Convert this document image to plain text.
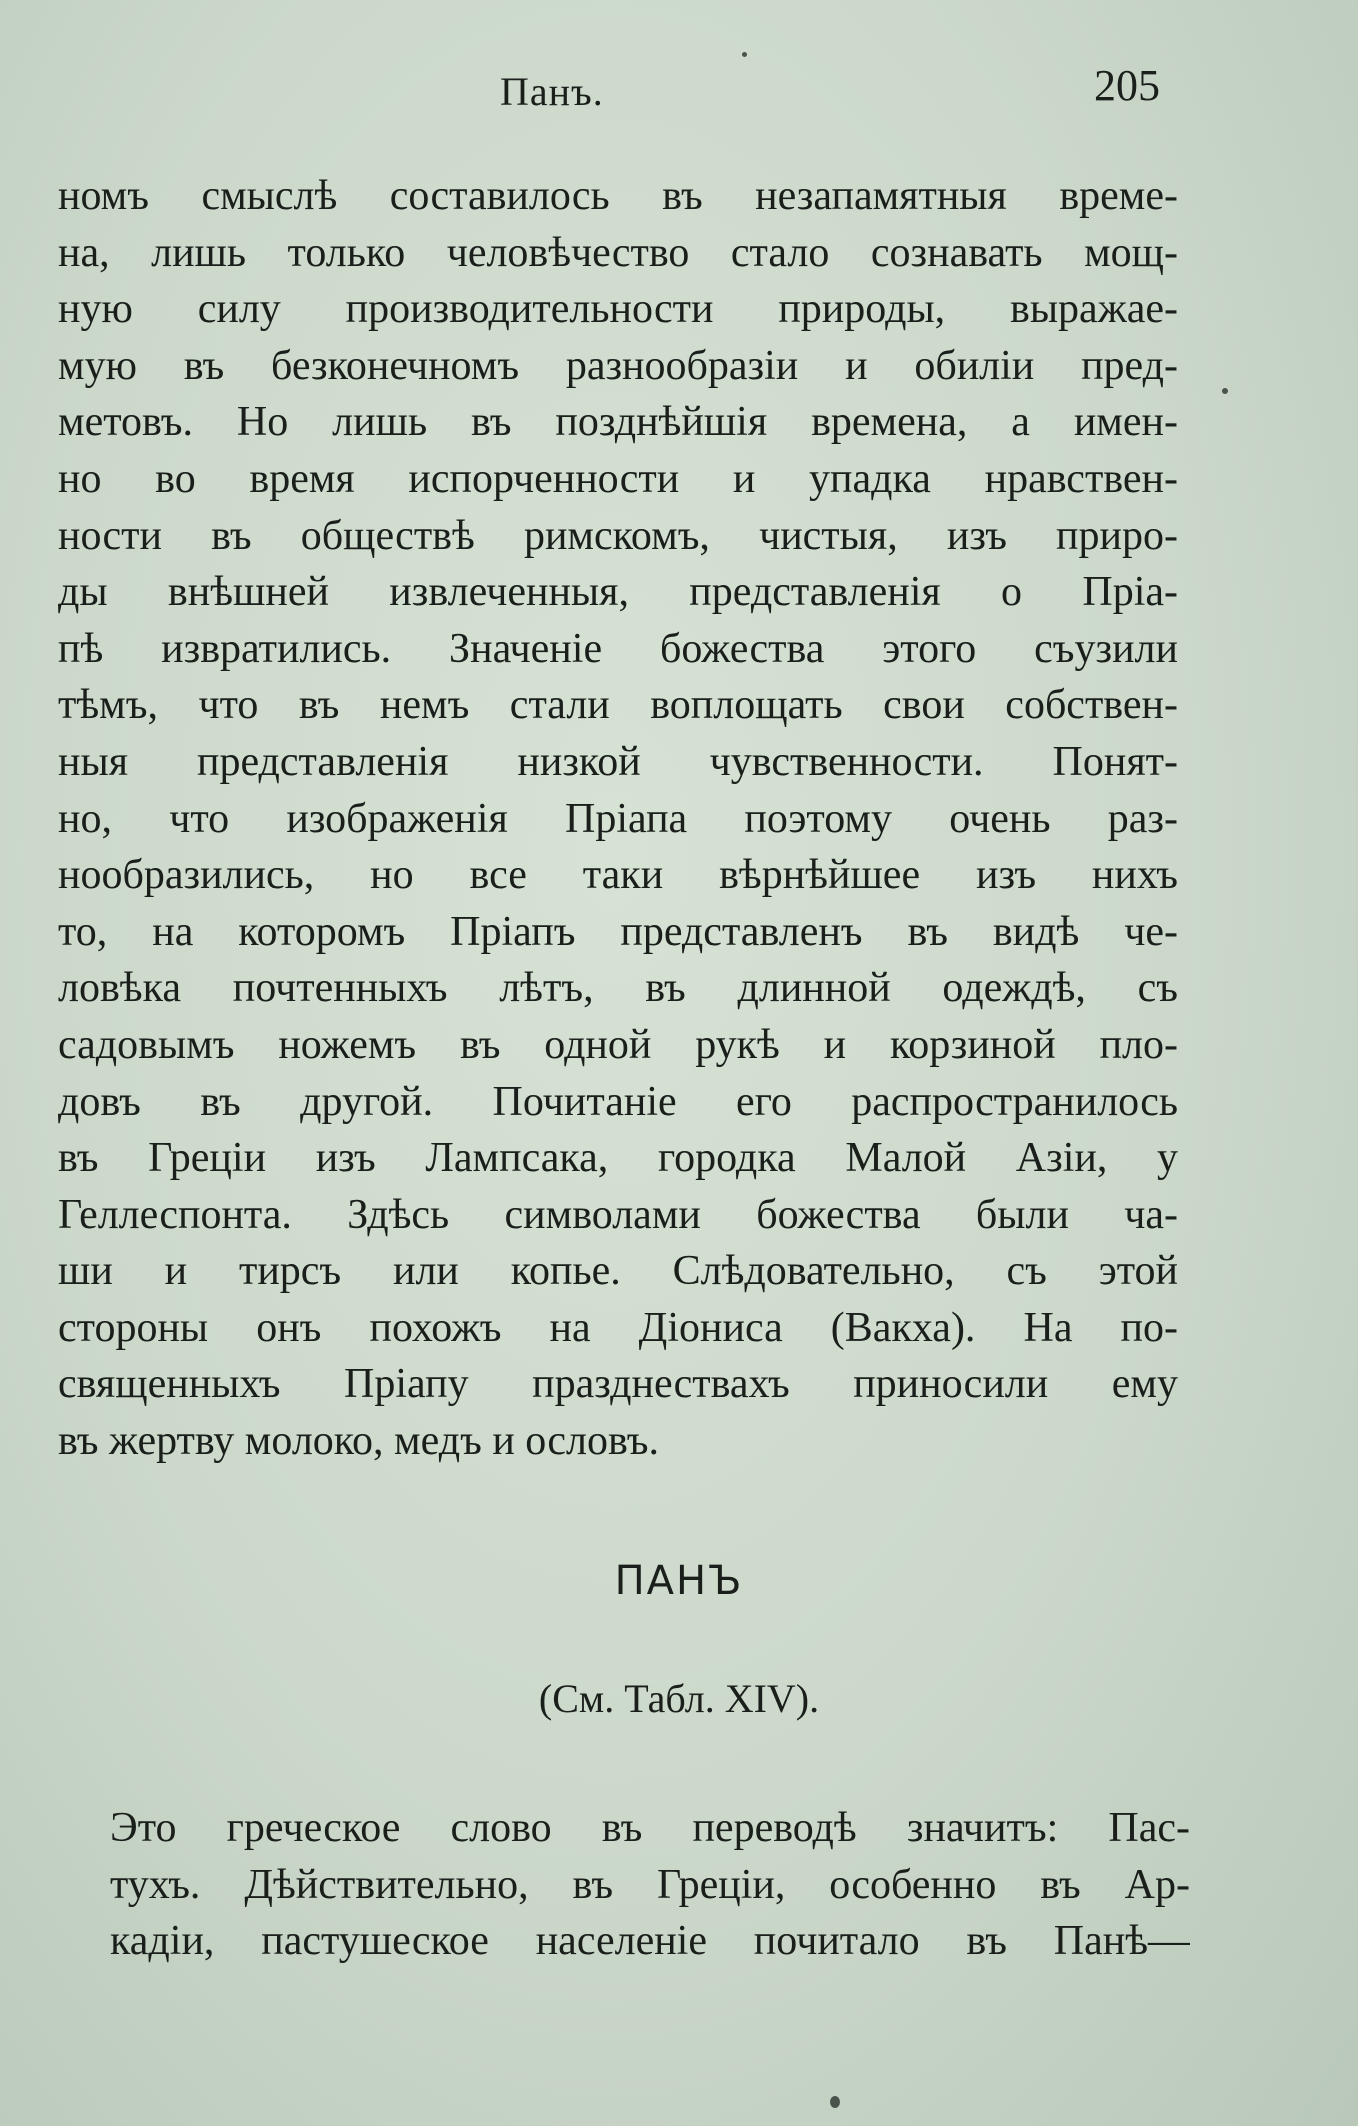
Панъ.	205
номъ смыслѣ составилось въ незапамятныя време-
на, лишь только человѣчество стало сознавать мощ-
ную силу производительности природы, выражае-
мую въ безконечномъ разнообразіи и обиліи пред-
метовъ. Но лишь въ позднѣйшія времена, а имен-
но во время испорченности и упадка нравствен-
ности въ обществѣ римскомъ, чистыя, изъ приро-
ды внѣшней извлеченныя, представленія о Пріа-
пѣ извратились. Значеніе божества этого съузили
тѣмъ, что въ немъ стали воплощать свои собствен-
ныя представленія низкой чувственности. Понят-
но, что изображенія Пріапа поэтому очень раз-
нообразились, но все таки вѣрнѣйшее изъ нихъ
то, на которомъ Пріапъ представленъ въ видѣ че-
ловѣка почтенныхъ лѣтъ, въ длинной одеждѣ, съ
садовымъ ножемъ въ одной рукѣ и корзиной пло-
довъ въ другой. Почитаніе его распространилось
въ Греціи изъ Лампсака, городка Малой Азіи, у
Геллеспонта. Здѣсь символами божества были ча-
ши и тирсъ или копье. Слѣдовательно, съ этой
стороны онъ похожъ на Діониса (Вакха). На по-
священныхъ Пріапу празднествахъ приносили ему
въ жертву молоко, медъ и ословъ.
ПАНЪ
(См. Табл. XIV).
Это греческое слово въ переводѣ значитъ: Пас-
тухъ. Дѣйствительно, въ Греціи, особенно въ Ар-
кадіи, пастушеское населеніе почитало въ Панѣ—
